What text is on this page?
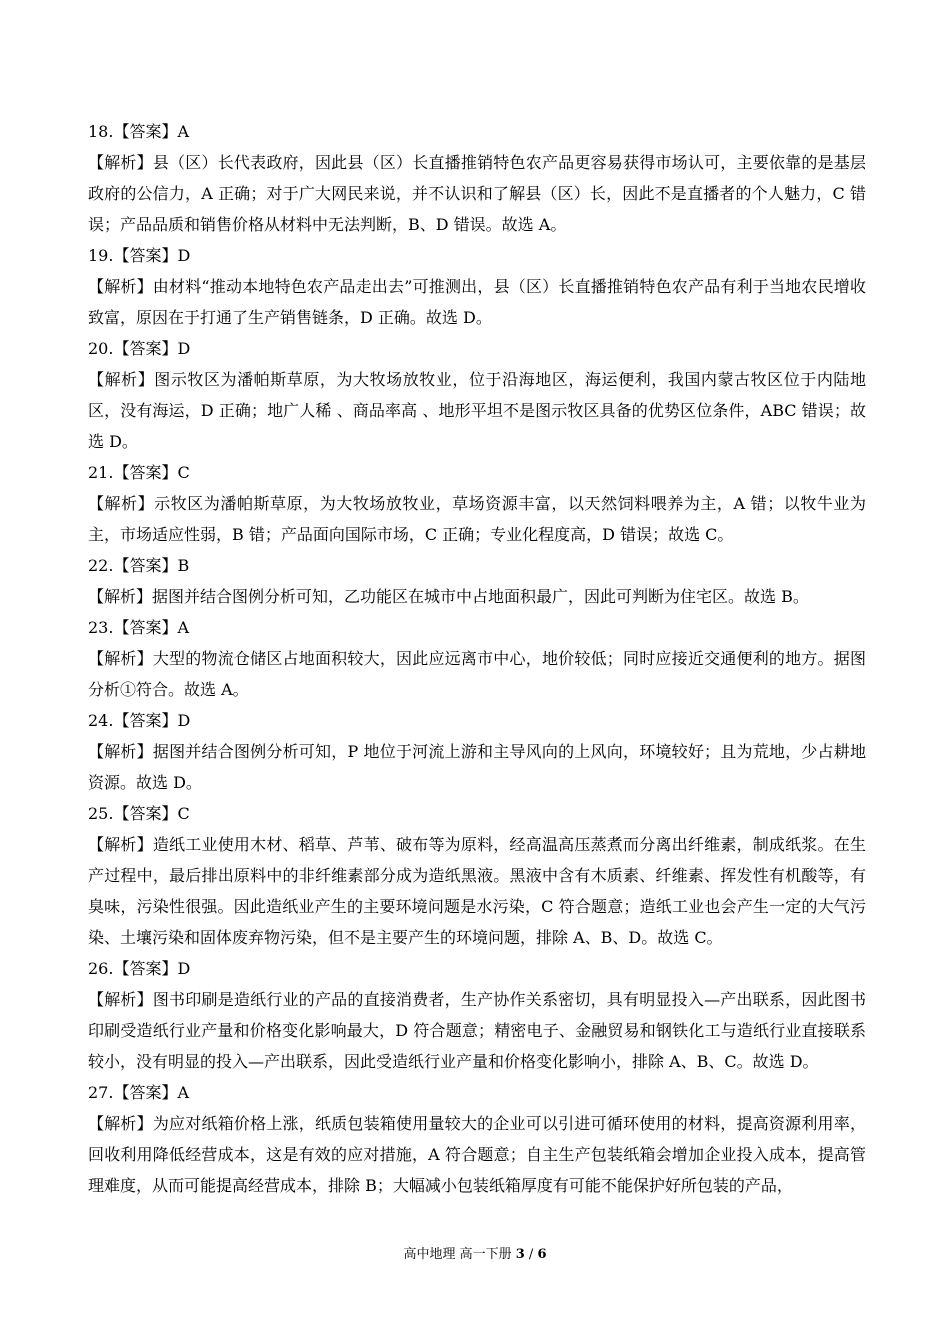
18.【答案】A

【解析】县（区）长代表政府，因此县（区）长直播推销特色农产品更容易获得市场认可，主要依靠的是基层政府的公信力，A 正确；对于广大网民来说，并不认识和了解县（区）长，因此不是直播者的个人魅力，C 错误；产品品质和销售价格从材料中无法判断，B、D 错误。故选 A。

19.【答案】D

【解析】由材料“推动本地特色农产品走出去”可推测出，县（区）长直播推销特色农产品有利于当地农民增收致富，原因在于打通了生产销售链条，D 正确。故选 D。

20.【答案】D

【解析】图示牧区为潘帕斯草原，为大牧场放牧业，位于沿海地区，海运便利，我国内蒙古牧区位于内陆地区，没有海运，D 正确；地广人稀 、商品率高 、地形平坦不是图示牧区具备的优势区位条件，ABC 错误；故选 D。

21.【答案】C

【解析】示牧区为潘帕斯草原，为大牧场放牧业，草场资源丰富，以天然饲料喂养为主，A 错；以牧牛业为主，市场适应性弱，B 错；产品面向国际市场，C 正确；专业化程度高，D 错误；故选 C。

22.【答案】B

【解析】据图并结合图例分析可知，乙功能区在城市中占地面积最广，因此可判断为住宅区。故选 B。

23.【答案】A

【解析】大型的物流仓储区占地面积较大，因此应远离市中心，地价较低；同时应接近交通便利的地方。据图分析①符合。故选 A。

24.【答案】D

【解析】据图并结合图例分析可知，P 地位于河流上游和主导风向的上风向，环境较好；且为荒地，少占耕地资源。故选 D。

25.【答案】C

【解析】造纸工业使用木材、稻草、芦苇、破布等为原料，经高温高压蒸煮而分离出纤维素，制成纸浆。在生产过程中，最后排出原料中的非纤维素部分成为造纸黑液。黑液中含有木质素、纤维素、挥发性有机酸等，有臭味，污染性很强。因此造纸业产生的主要环境问题是水污染，C 符合题意；造纸工业也会产生一定的大气污染、土壤污染和固体废弃物污染，但不是主要产生的环境问题，排除 A、B、D。故选 C。

26.【答案】D

【解析】图书印刷是造纸行业的产品的直接消费者，生产协作关系密切，具有明显投入—产出联系，因此图书印刷受造纸行业产量和价格变化影响最大，D 符合题意；精密电子、金融贸易和钢铁化工与造纸行业直接联系较小，没有明显的投入—产出联系，因此受造纸行业产量和价格变化影响小，排除 A、B、C。故选 D。

27.【答案】A

【解析】为应对纸箱价格上涨，纸质包装箱使用量较大的企业可以引进可循环使用的材料，提高资源利用率，回收利用降低经营成本，这是有效的应对措施，A 符合题意；自主生产包装纸箱会增加企业投入成本，提高管理难度，从而可能提高经营成本，排除 B；大幅减小包装纸箱厚度有可能不能保护好所包装的产品，

高中地理 高一下册 3 / 6
